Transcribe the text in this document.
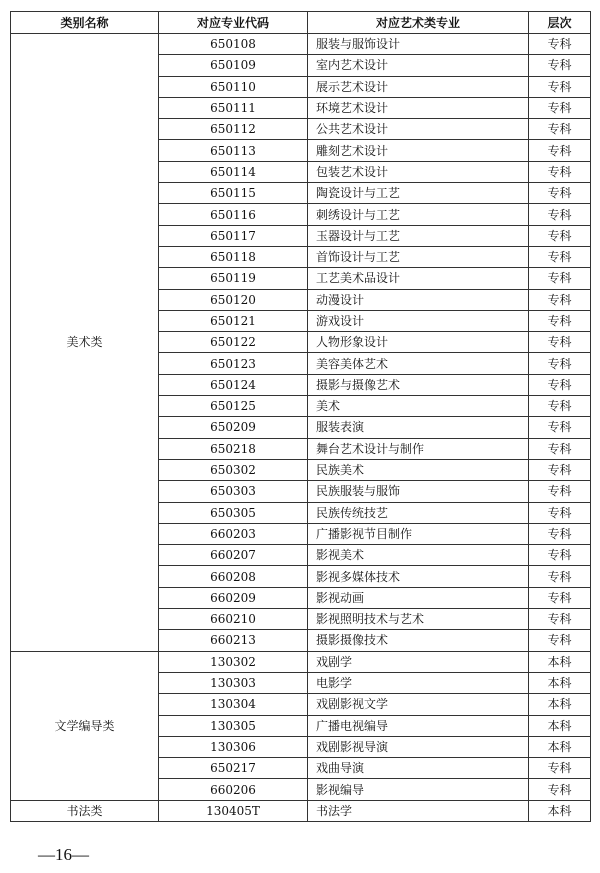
类别名称	对应专业代码	对应艺术类专业	层次
美术类	650108	服装与服饰设计	专科
	650109	室内艺术设计	专科
	650110	展示艺术设计	专科
	650111	环境艺术设计	专科
	650112	公共艺术设计	专科
	650113	雕刻艺术设计	专科
	650114	包装艺术设计	专科
	650115	陶瓷设计与工艺	专科
	650116	刺绣设计与工艺	专科
	650117	玉器设计与工艺	专科
	650118	首饰设计与工艺	专科
	650119	工艺美术品设计	专科
	650120	动漫设计	专科
	650121	游戏设计	专科
	650122	人物形象设计	专科
	650123	美容美体艺术	专科
	650124	摄影与摄像艺术	专科
	650125	美术	专科
	650209	服装表演	专科
	650218	舞台艺术设计与制作	专科
	650302	民族美术	专科
	650303	民族服装与服饰	专科
	650305	民族传统技艺	专科
	660203	广播影视节目制作	专科
	660207	影视美术	专科
	660208	影视多媒体技术	专科
	660209	影视动画	专科
	660210	影视照明技术与艺术	专科
	660213	摄影摄像技术	专科
文学编导类	130302	戏剧学	本科
	130303	电影学	本科
	130304	戏剧影视文学	本科
	130305	广播电视编导	本科
	130306	戏剧影视导演	本科
	650217	戏曲导演	专科
	660206	影视编导	专科
书法类	130405T	书法学	本科
—16—
